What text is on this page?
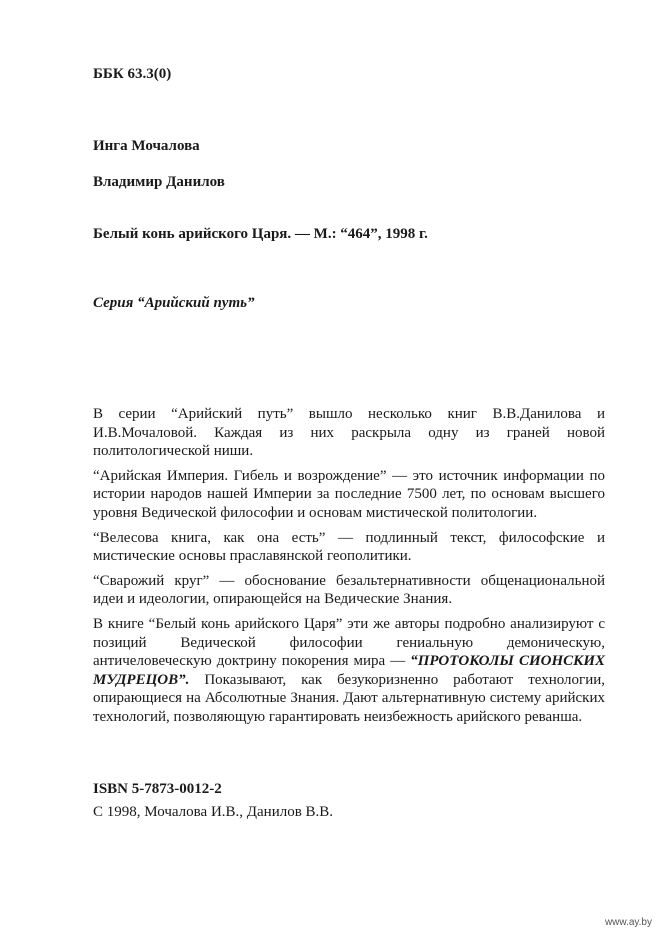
ББК 63.3(0)
Инга Мочалова
Владимир Данилов
Белый конь арийского Царя. — М.: “464”, 1998 г.
Серия “Арийский путь”

В серии “Арийский путь” вышло несколько книг В.В.Данилова и И.В.Мочаловой. Каждая из них раскрыла одну из граней новой политологической ниши.

“Арийская Империя. Гибель и возрождение” — это источник информации по истории народов нашей Империи за последние 7500 лет, по основам высшего уровня Ведической философии и основам мистической политологии.

“Велесова книга, как она есть” — подлинный текст, философские и мистические основы праславянской геополитики.

“Сварожий круг” — обоснование безальтернативности общенациональной идеи и идеологии, опирающейся на Ведические Знания.

В книге “Белый конь арийского Царя” эти же авторы подробно анализируют с позиций Ведической философии гениальную демоническую, античеловеческую доктрину покорения мира — “ПРОТОКОЛЫ СИОНСКИХ МУДРЕЦОВ”. Показывают, как безукоризненно работают технологии, опирающиеся на Абсолютные Знания. Дают альтернативную систему арийских технологий, позволяющую гарантировать неизбежность арийского реванша.

ISBN 5-7873-0012-2
С 1998, Мочалова И.В., Данилов В.В.
www.ay.by
